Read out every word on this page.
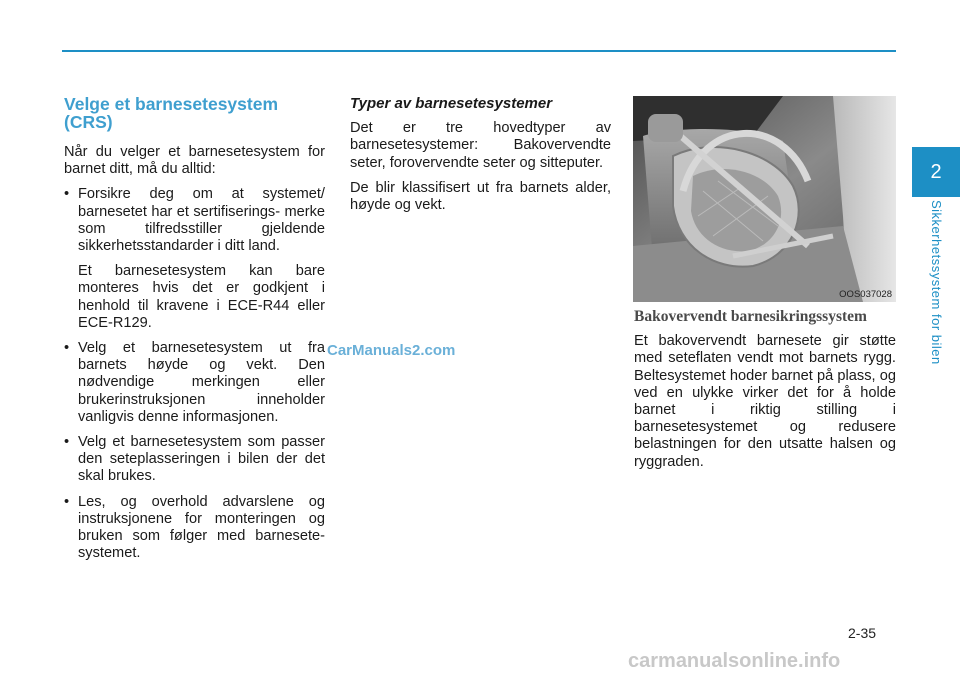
Velge et barnesetesystem (CRS)

Når du velger et barnesetesystem for barnet ditt, må du alltid:

• Forsikre deg om at systemet/ barnesetet har et sertifiserings- merke som tilfredsstiller gjeldende sikkerhetsstandarder i ditt land.

Et barnesetesystem kan bare monteres hvis det er godkjent i henhold til kravene i ECE-R44 eller ECE-R129.

• Velg et barnesetesystem ut fra barnets høyde og vekt. Den nødvendige merkingen eller brukerinstruksjonen inneholder vanligvis denne informasjonen.
• Velg et barnesetesystem som passer den seteplasseringen i bilen der det skal brukes.
• Les, og overhold advarslene og instruksjonene for monteringen og bruken som følger med barnesete- systemet.
Typer av barnesetesystemer

Det er tre hovedtyper av barnesetesystemer: Bakovervendte seter, forovervendte seter og sitteputer.

De blir klassifisert ut fra barnets alder, høyde og vekt.

OOS037028
Bakovervendt barnesikringssystem

Et bakovervendt barnesete gir støtte med seteflaten vendt mot barnets rygg. Beltesystemet hoder barnet på plass, og ved en ulykke virker det for å holde barnet i riktig stilling i barnesetesystemet og redusere belastningen for den utsatte halsen og ryggraden.

2
Sikkerhetssystem for bilen
2-35
CarManuals2.com
carmanualsonline.info
